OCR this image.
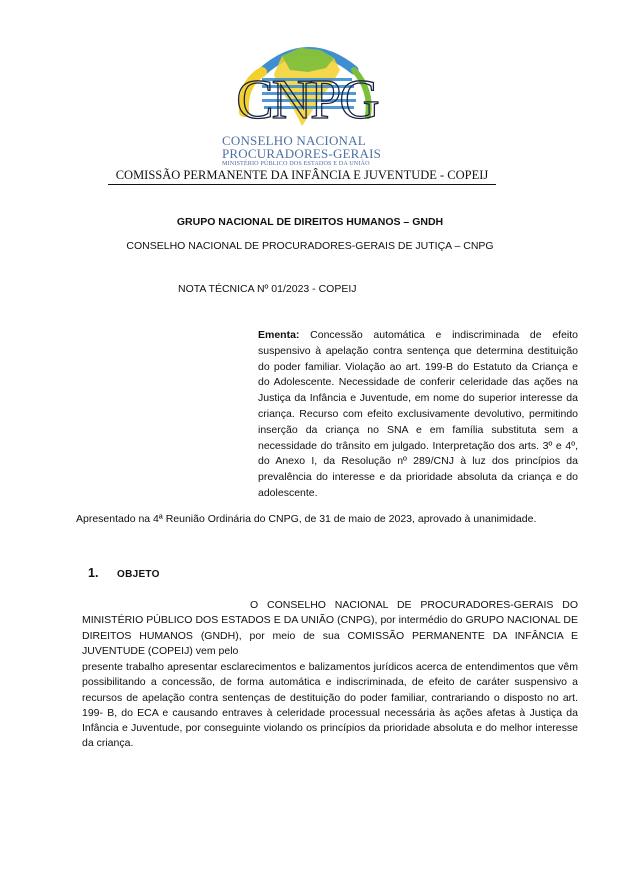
CNPG
CONSELHO NACIONAL
PROCURADORES-GERAIS
MINISTÉRIO PÚBLICO DOS ESTADOS E DA UNIÃO
COMISSÃO PERMANENTE DA INFÂNCIA E JUVENTUDE - COPEIJ
GRUPO NACIONAL DE DIREITOS HUMANOS – GNDH
CONSELHO NACIONAL DE PROCURADORES-GERAIS DE JUTIÇA – CNPG
NOTA TÉCNICA Nº 01/2023 - COPEIJ
Ementa: Concessão automática e indiscriminada de efeito suspensivo à apelação contra sentença que determina destituição do poder familiar. Violação ao art. 199-B do Estatuto da Criança e do Adolescente. Necessidade de conferir celeridade das ações na Justiça da Infância e Juventude, em nome do superior interesse da criança. Recurso com efeito exclusivamente devolutivo, permitindo inserção da criança no SNA e em família substituta sem a necessidade do trânsito em julgado. Interpretação dos arts. 3º e 4º, do Anexo I, da Resolução nº 289/CNJ à luz dos princípios da prevalência do interesse e da prioridade absoluta da criança e do adolescente.
Apresentado na 4ª Reunião Ordinária do CNPG, de 31 de maio de 2023, aprovado à unanimidade.
1. OBJETO
O CONSELHO NACIONAL DE PROCURADORES-GERAIS DO MINISTÉRIO PÚBLICO DOS ESTADOS E DA UNIÃO (CNPG), por intermédio do GRUPO NACIONAL DE DIREITOS HUMANOS (GNDH), por meio de sua COMISSÃO PERMANENTE DA INFÂNCIA E JUVENTUDE (COPEIJ) vem pelo
presente trabalho apresentar esclarecimentos e balizamentos jurídicos acerca de entendimentos que vêm possibilitando a concessão, de forma automática e indiscriminada, de efeito de caráter suspensivo a recursos de apelação contra sentenças de destituição do poder familiar, contrariando o disposto no art. 199- B, do ECA e causando entraves à celeridade processual necessária às ações afetas à Justiça da Infância e Juventude, por conseguinte violando os princípios da prioridade absoluta e do melhor interesse da criança.
